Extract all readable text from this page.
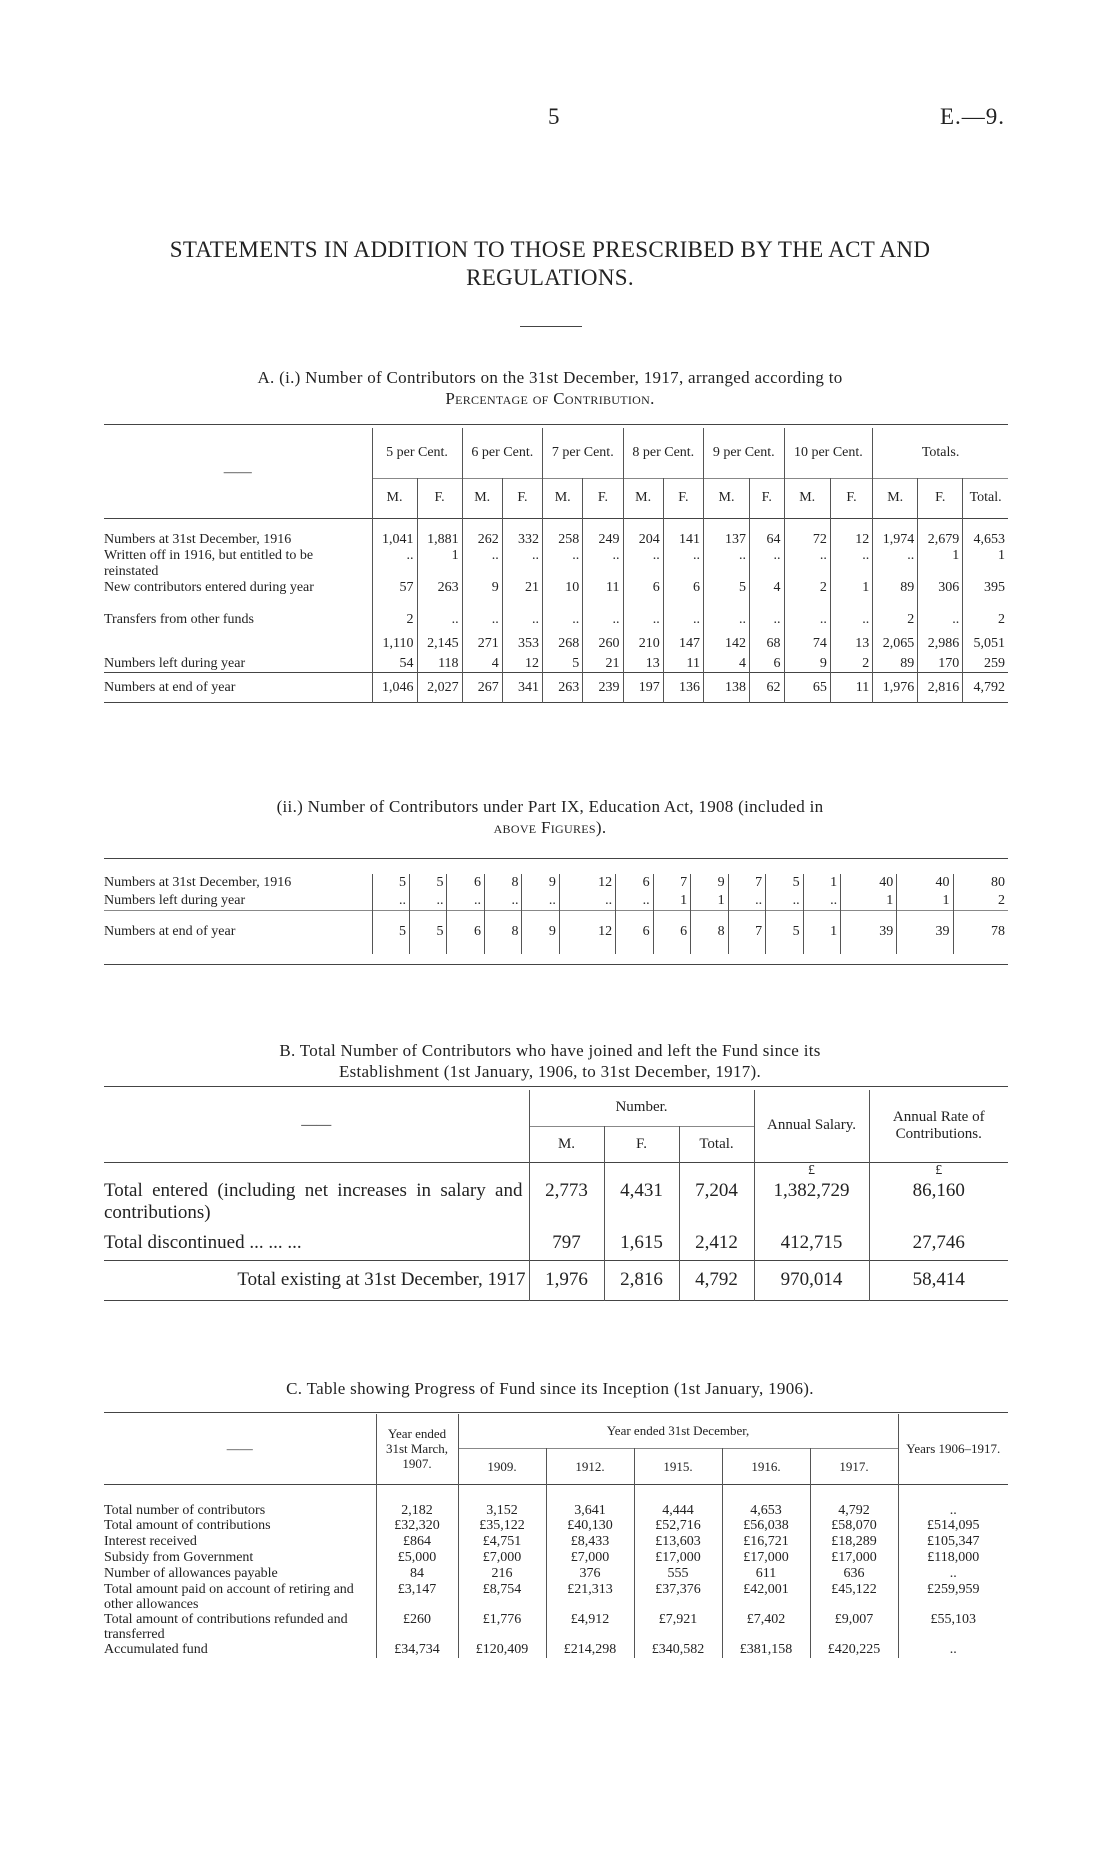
5	E.—9.
STATEMENTS IN ADDITION TO THOSE PRESCRIBED BY THE ACT AND
REGULATIONS.
A. (i.) Number of Contributors on the 31st December, 1917, arranged according to
Percentage of Contribution.
——	5 per Cent.		6 per Cent.		7 per Cent.		8 per Cent.		9 per Cent.		10 per Cent.		Totals.		
	M.	F.	M.	F.	M.	F.	M.	F.	M.	F.	M.	F.	M.	F.	Total.
Numbers at 31st December, 1916	1,041	1,881	262	332	258	249	204	141	137	64	72	12	1,974	2,679	4,653
Written off in 1916, but entitled to be reinstated	..	1	..	..	..	..	..	..	..	..	..	..	..	1	1
New contributors entered during year	57	263	9	21	10	11	6	6	5	4	2	1	89	306	395
Transfers from other funds	2	..	..	..	..	..	..	..	..	..	..	..	2	..	2
	1,110	2,145	271	353	268	260	210	147	142	68	74	13	2,065	2,986	5,051
Numbers left during year	54	118	4	12	5	21	13	11	4	6	9	2	89	170	259
Numbers at end of year	1,046	2,027	267	341	263	239	197	136	138	62	65	11	1,976	2,816	4,792
(ii.) Number of Contributors under Part IX, Education Act, 1908 (included in
above Figures).
Numbers at 31st December, 1916	5	5	6	8	9	12	6	7	9	7	5	1	40	40	80
Numbers left during year	..	..	..	..	..	..	..	1	1	..	..	..	1	1	2
Numbers at end of year	5	5	6	8	9	12	6	6	8	7	5	1	39	39	78
B. Total Number of Contributors who have joined and left the Fund since its
Establishment (1st January, 1906, to 31st December, 1917).
——	Number.			Annual Salary.	Annual Rate of Contributions.
	M.	F.	Total.		
				£	£
Total entered (including net increases in salary and contributions)	2,773	4,431	7,204	1,382,729	86,160
Total discontinued ... ... ...	797	1,615	2,412	412,715	27,746
Total existing at 31st December, 1917	1,976	2,816	4,792	970,014	58,414
C. Table showing Progress of Fund since its Inception (1st January, 1906).
——	Year ended 31st March, 1907.	Year ended 31st December,					Years 1906–1917.
		1909.	1912.	1915.	1916.	1917.	
Total number of contributors	2,182	3,152	3,641	4,444	4,653	4,792	..
Total amount of contributions	£32,320	£35,122	£40,130	£52,716	£56,038	£58,070	£514,095
Interest received	£864	£4,751	£8,433	£13,603	£16,721	£18,289	£105,347
Subsidy from Government	£5,000	£7,000	£7,000	£17,000	£17,000	£17,000	£118,000
Number of allowances payable	84	216	376	555	611	636	..
Total amount paid on account of retiring and other allowances	£3,147	£8,754	£21,313	£37,376	£42,001	£45,122	£259,959
Total amount of contributions refunded and transferred	£260	£1,776	£4,912	£7,921	£7,402	£9,007	£55,103
Accumulated fund	£34,734	£120,409	£214,298	£340,582	£381,158	£420,225	..
